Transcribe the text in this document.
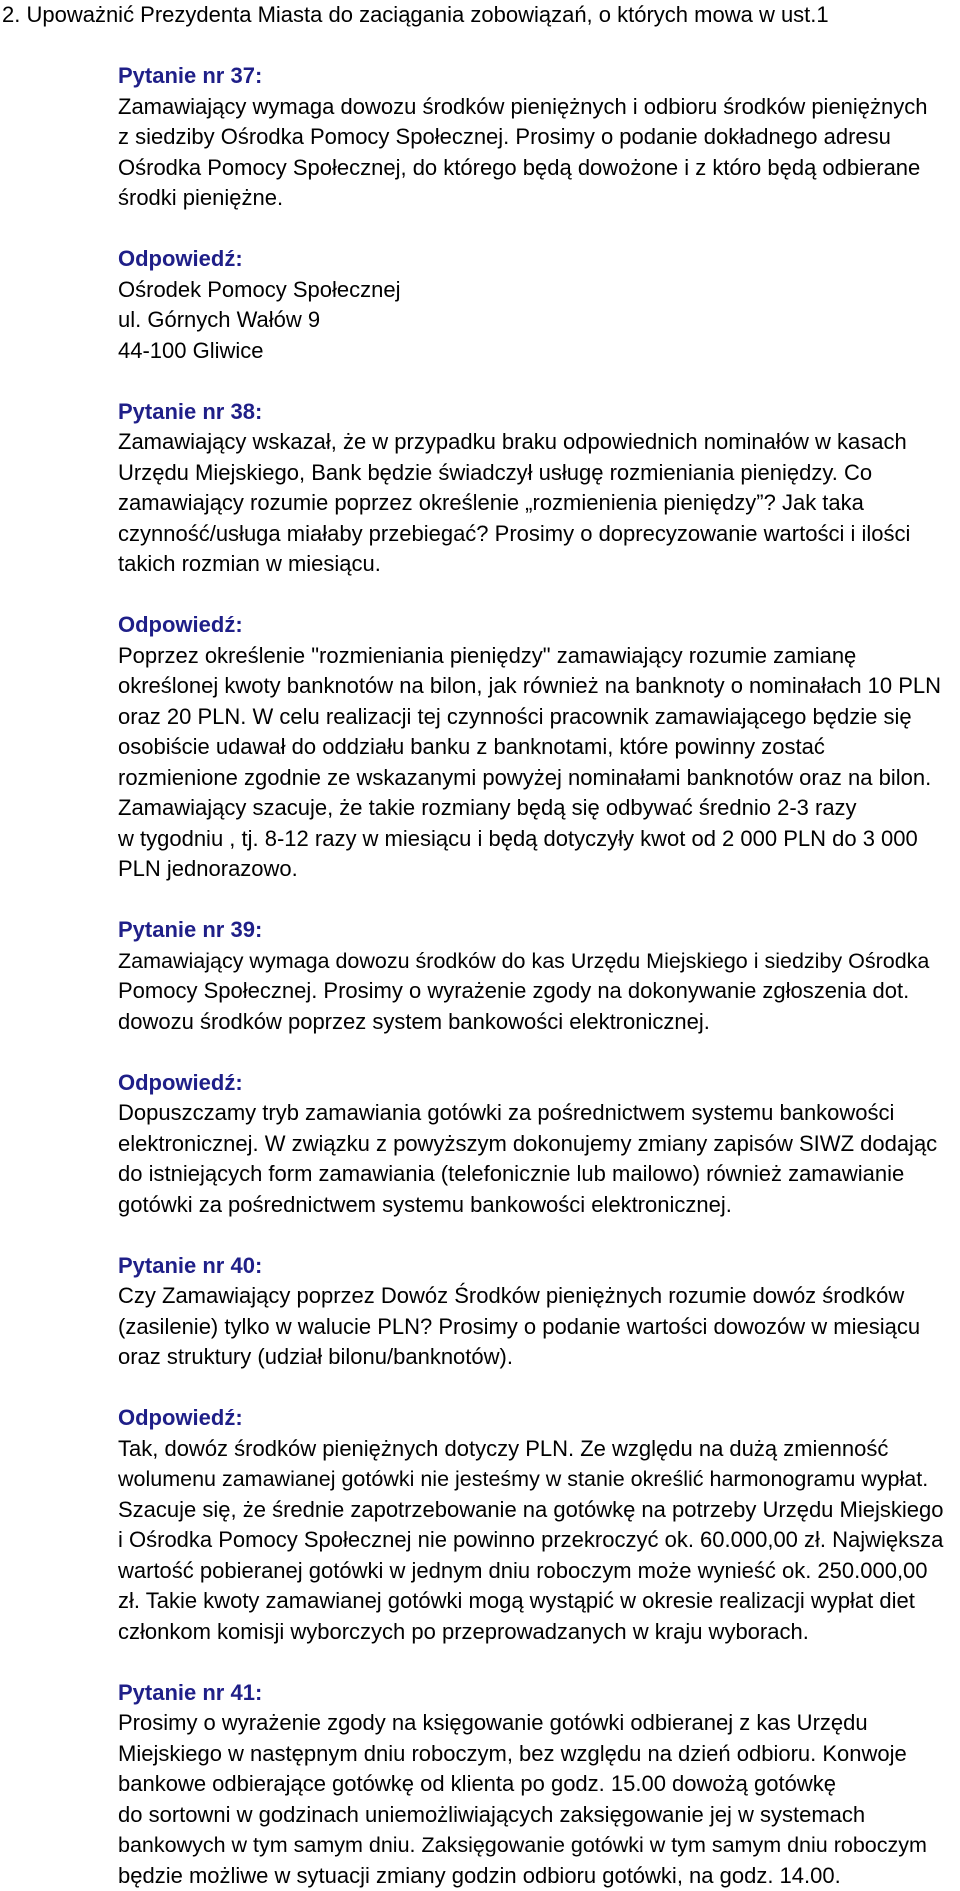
2. Upoważnić Prezydenta Miasta do zaciągania zobowiązań, o których mowa w ust.1
Pytanie nr 37:
Zamawiający wymaga dowozu środków pieniężnych i odbioru środków pieniężnych
z siedziby Ośrodka Pomocy Społecznej. Prosimy o podanie dokładnego adresu
Ośrodka Pomocy Społecznej, do którego będą dowożone i z któro będą odbierane
środki pieniężne.
Odpowiedź:
Ośrodek Pomocy Społecznej
ul. Górnych Wałów 9
44-100 Gliwice
Pytanie nr 38:
Zamawiający wskazał, że w przypadku braku odpowiednich nominałów w kasach
Urzędu Miejskiego, Bank będzie świadczył usługę rozmieniania pieniędzy. Co
zamawiający rozumie poprzez określenie „rozmienienia pieniędzy”? Jak taka
czynność/usługa miałaby przebiegać? Prosimy o doprecyzowanie wartości i ilości
takich rozmian w miesiącu.
Odpowiedź:
Poprzez określenie "rozmieniania pieniędzy" zamawiający rozumie zamianę
określonej kwoty banknotów na bilon, jak również na banknoty o nominałach 10 PLN
oraz 20 PLN. W celu realizacji tej czynności pracownik zamawiającego będzie się
osobiście udawał do oddziału banku z banknotami, które powinny zostać
rozmienione zgodnie ze wskazanymi powyżej nominałami banknotów oraz na bilon.
Zamawiający szacuje, że takie rozmiany będą się odbywać średnio 2-3 razy
w tygodniu , tj. 8-12 razy w miesiącu i będą dotyczyły kwot od 2 000 PLN do 3 000
PLN jednorazowo.
Pytanie nr 39:
Zamawiający wymaga dowozu środków do kas Urzędu Miejskiego i siedziby Ośrodka
Pomocy Społecznej. Prosimy o wyrażenie zgody na dokonywanie zgłoszenia dot.
dowozu środków poprzez system bankowości elektronicznej.
Odpowiedź:
Dopuszczamy tryb zamawiania gotówki za pośrednictwem systemu bankowości
elektronicznej. W związku z powyższym dokonujemy zmiany zapisów SIWZ dodając
do istniejących form zamawiania (telefonicznie lub mailowo) również zamawianie
gotówki za pośrednictwem systemu bankowości elektronicznej.
Pytanie nr 40:
Czy Zamawiający poprzez Dowóz Środków pieniężnych rozumie dowóz środków
(zasilenie) tylko w walucie PLN? Prosimy o podanie wartości dowozów w miesiącu
oraz struktury (udział bilonu/banknotów).
Odpowiedź:
Tak, dowóz środków pieniężnych dotyczy PLN. Ze względu na dużą zmienność
wolumenu zamawianej gotówki nie jesteśmy w stanie określić harmonogramu wypłat.
Szacuje się, że średnie zapotrzebowanie na gotówkę na potrzeby Urzędu Miejskiego
i Ośrodka Pomocy Społecznej nie powinno przekroczyć ok. 60.000,00 zł. Największa
wartość pobieranej gotówki w jednym dniu roboczym może wynieść ok. 250.000,00
zł. Takie kwoty zamawianej gotówki mogą wystąpić w okresie realizacji wypłat diet
członkom komisji wyborczych po przeprowadzanych w kraju wyborach.
Pytanie nr 41:
Prosimy o wyrażenie zgody na księgowanie gotówki odbieranej z kas Urzędu
Miejskiego w następnym dniu roboczym, bez względu na dzień odbioru. Konwoje
bankowe odbierające gotówkę od klienta po godz. 15.00 dowożą gotówkę
do sortowni w godzinach uniemożliwiających zaksięgowanie jej w systemach
bankowych w tym samym dniu. Zaksięgowanie gotówki w tym samym dniu roboczym
będzie możliwe w sytuacji zmiany godzin odbioru gotówki, na godz. 14.00.
